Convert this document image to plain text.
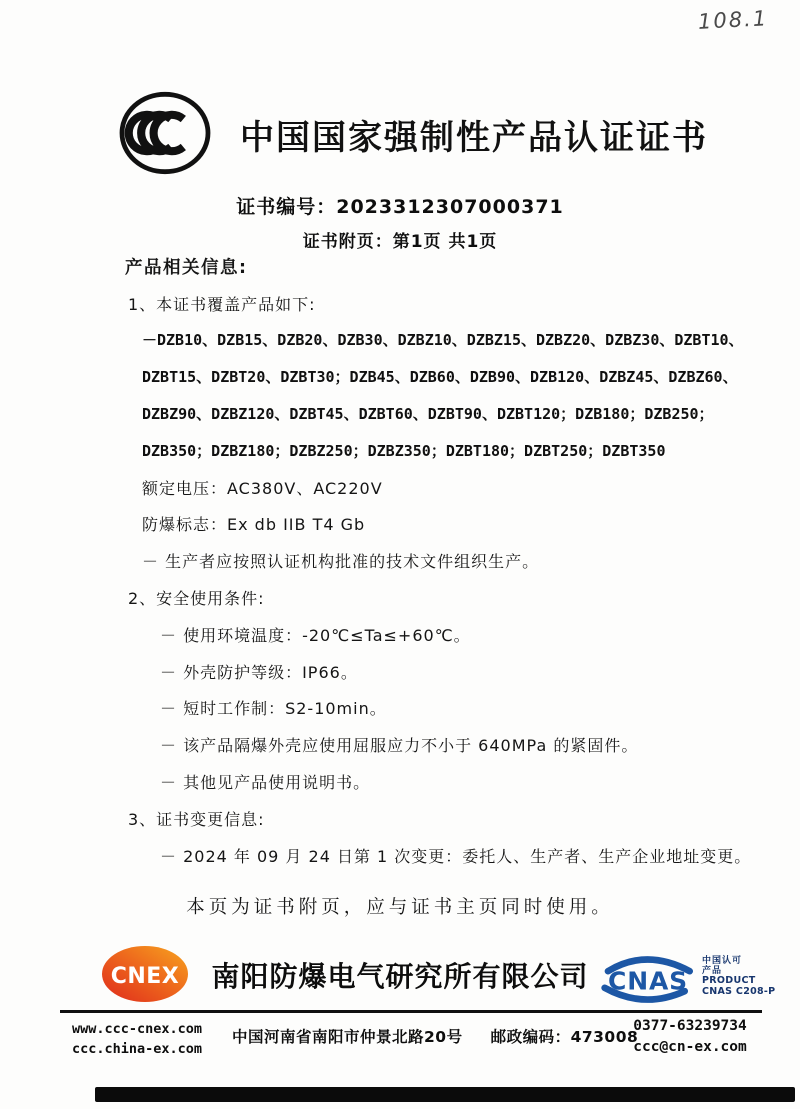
108.1
中国国家强制性产品认证证书
证书编号：2023312307000371
证书附页：第1页 共1页
产品相关信息:
1、本证书覆盖产品如下:
－DZB10、DZB15、DZB20、DZB30、DZBZ10、DZBZ15、DZBZ20、DZBZ30、DZBT10、
DZBT15、DZBT20、DZBT30；DZB45、DZB60、DZB90、DZB120、DZBZ45、DZBZ60、
DZBZ90、DZBZ120、DZBT45、DZBT60、DZBT90、DZBT120；DZB180；DZB250；
DZB350；DZBZ180；DZBZ250；DZBZ350；DZBT180；DZBT250；DZBT350
额定电压：AC380V、AC220V
防爆标志：Ex db IIB T4 Gb
－ 生产者应按照认证机构批准的技术文件组织生产。
2、安全使用条件:
－ 使用环境温度：-20℃≤Ta≤+60℃。
－ 外壳防护等级：IP66。
－ 短时工作制：S2-10min。
－ 该产品隔爆外壳应使用屈服应力不小于 640MPa 的紧固件。
－ 其他见产品使用说明书。
3、证书变更信息:
－ 2024 年 09 月 24 日第 1 次变更：委托人、生产者、生产企业地址变更。
本页为证书附页，应与证书主页同时使用。
CNEX	南阳防爆电气研究所有限公司 CNAS
中国认可
产品
PRODUCT
CNAS C208-P
www.ccc-cnex.com
ccc.china-ex.com
中国河南省南阳市仲景北路20号 邮政编码：473008
0377-63239734
ccc@cn-ex.com
